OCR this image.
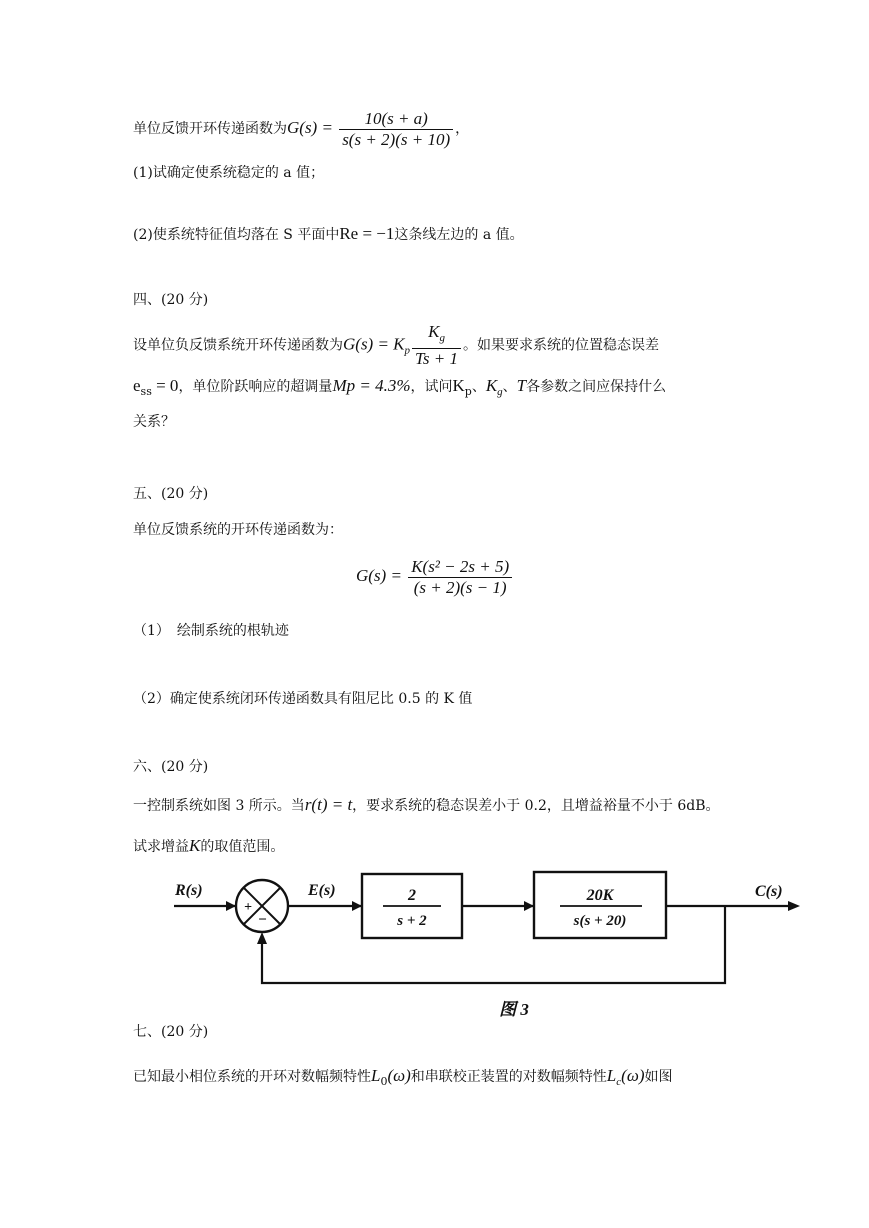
单位反馈开环传递函数为$G(s) = \frac{10(s + a)}{s(s + 2)(s + 10)}$ ，
(1)试确定使系统稳定的 a 值；
(2)使系统特征值均落在 S 平面中Re = −1这条线左边的 a 值。
四、(20 分)
设单位负反馈系统开环传递函数为$G(s) = K_p \frac{K_g}{Ts + 1}$ 。如果要求系统的位置稳态误差
$e_{ss} = 0$，单位阶跃响应的超调量Mp = 4.3%，试问$K_p$、$K_g$、T各参数之间应保持什么
关系？
五、(20 分)
单位反馈系统的开环传递函数为：
$G(s) = \frac{\text{K(s² − 2s + 5)}}{(s + 2)(s - 1)}$
（1）　绘制系统的根轨迹
（2）确定使系统闭环传递函数具有阻尼比 0.5 的 K 值
六、(20 分)
一控制系统如图 3 所示。当r(t) = t，要求系统的稳态误差小于 0.2，且增益裕量不小于 6dB。
试求增益K的取值范围。
R(s)
+
−
E(s)	2
s + 2
20K
s(s + 20)
C(s)
图 3
七、(20 分)
已知最小相位系统的开环对数幅频特性$L_0(\omega)$和串联校正装置的对数幅频特性$L_c(\omega)$如图
